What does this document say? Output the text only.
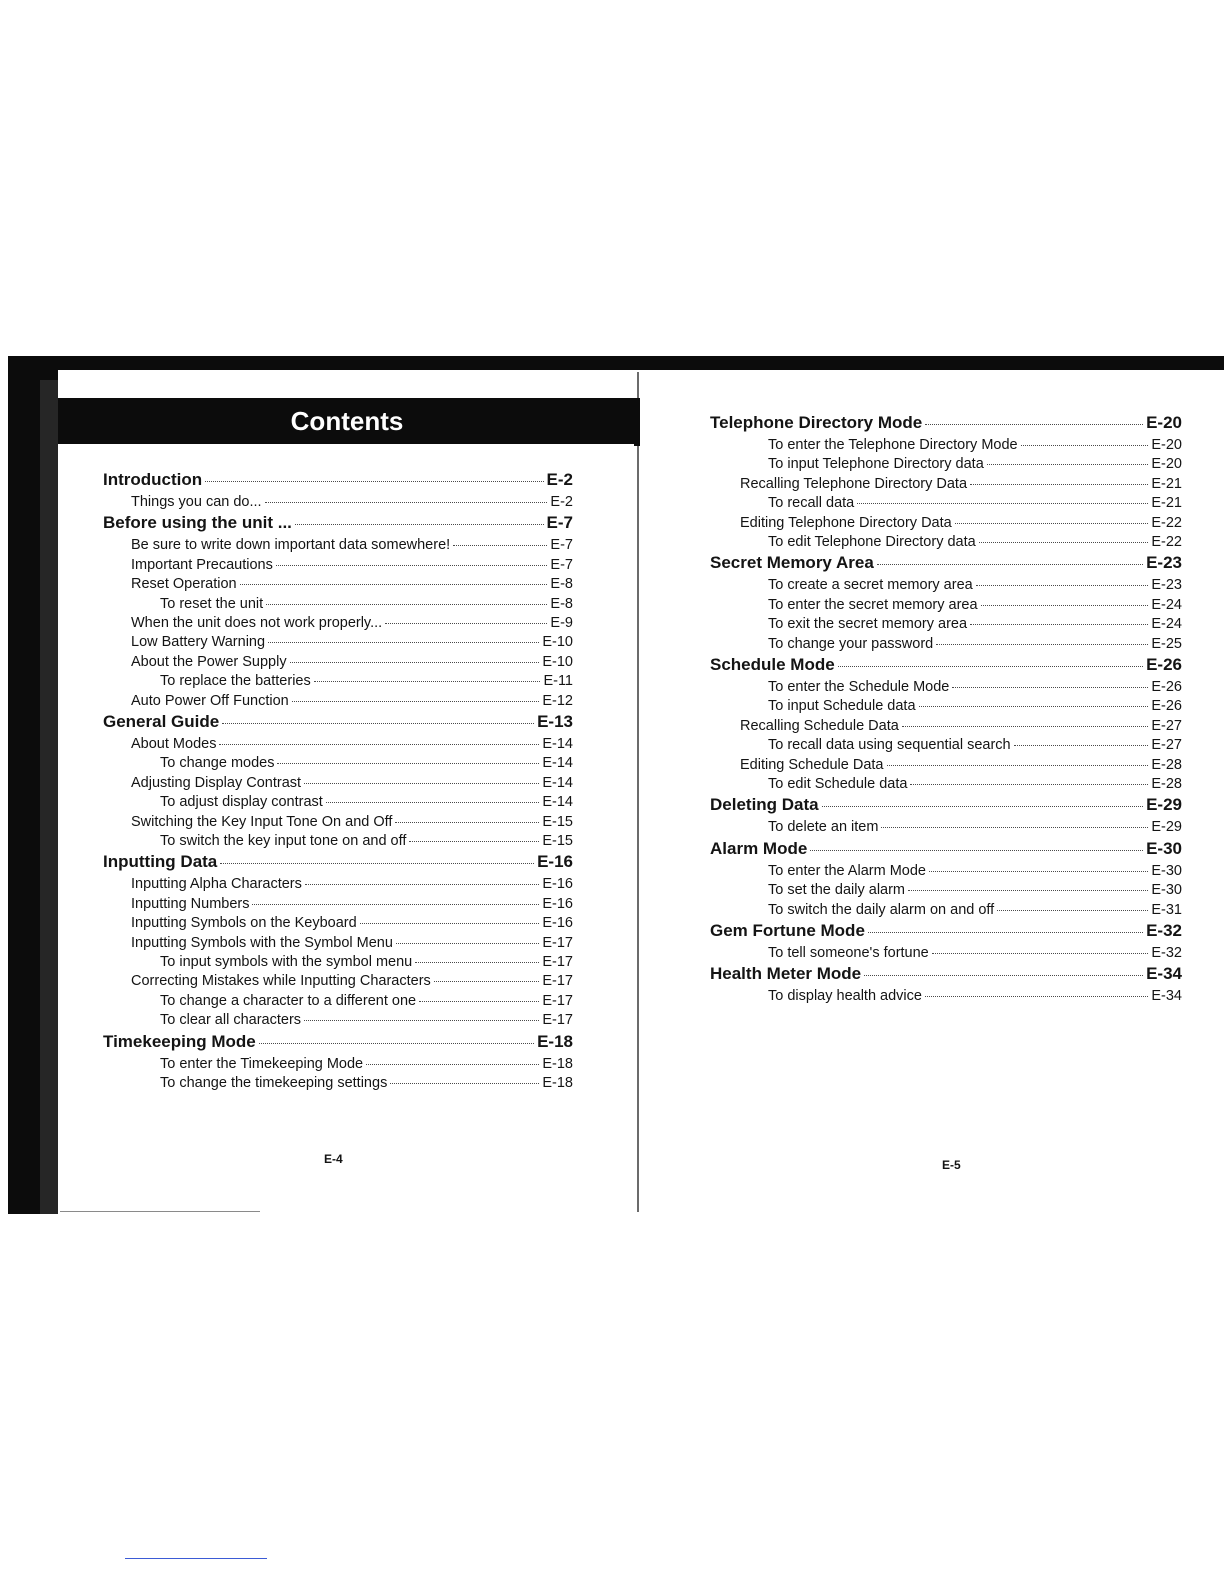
Contents
Introduction	E-2
Things you can do...	E-2
Before using the unit ...	E-7
Be sure to write down important data somewhere!	E-7
Important Precautions	E-7
Reset Operation	E-8
To reset the unit	E-8
When the unit does not work properly...	E-9
Low Battery Warning	E-10
About the Power Supply	E-10
To replace the batteries	E-11
Auto Power Off Function	E-12
General Guide	E-13
About Modes	E-14
To change modes	E-14
Adjusting Display Contrast	E-14
To adjust display contrast	E-14
Switching the Key Input Tone On and Off	E-15
To switch the key input tone on and off	E-15
Inputting Data	E-16
Inputting Alpha Characters	E-16
Inputting Numbers	E-16
Inputting Symbols on the Keyboard	E-16
Inputting Symbols with the Symbol Menu	E-17
To input symbols with the symbol menu	E-17
Correcting Mistakes while Inputting Characters	E-17
To change a character to a different one	E-17
To clear all characters	E-17
Timekeeping Mode	E-18
To enter the Timekeeping Mode	E-18
To change the timekeeping settings	E-18
Telephone Directory Mode	E-20
To enter the Telephone Directory Mode	E-20
To input Telephone Directory data	E-20
Recalling Telephone Directory Data	E-21
To recall data	E-21
Editing Telephone Directory Data	E-22
To edit Telephone Directory data	E-22
Secret Memory Area	E-23
To create a secret memory area	E-23
To enter the secret memory area	E-24
To exit the secret memory area	E-24
To change your password	E-25
Schedule Mode	E-26
To enter the Schedule Mode	E-26
To input Schedule data	E-26
Recalling Schedule Data	E-27
To recall data using sequential search	E-27
Editing Schedule Data	E-28
To edit Schedule data	E-28
Deleting Data	E-29
To delete an item	E-29
Alarm Mode	E-30
To enter the Alarm Mode	E-30
To set the daily alarm	E-30
To switch the daily alarm on and off	E-31
Gem Fortune Mode	E-32
To tell someone's fortune	E-32
Health Meter Mode	E-34
To display health advice	E-34
E-4	E-5
